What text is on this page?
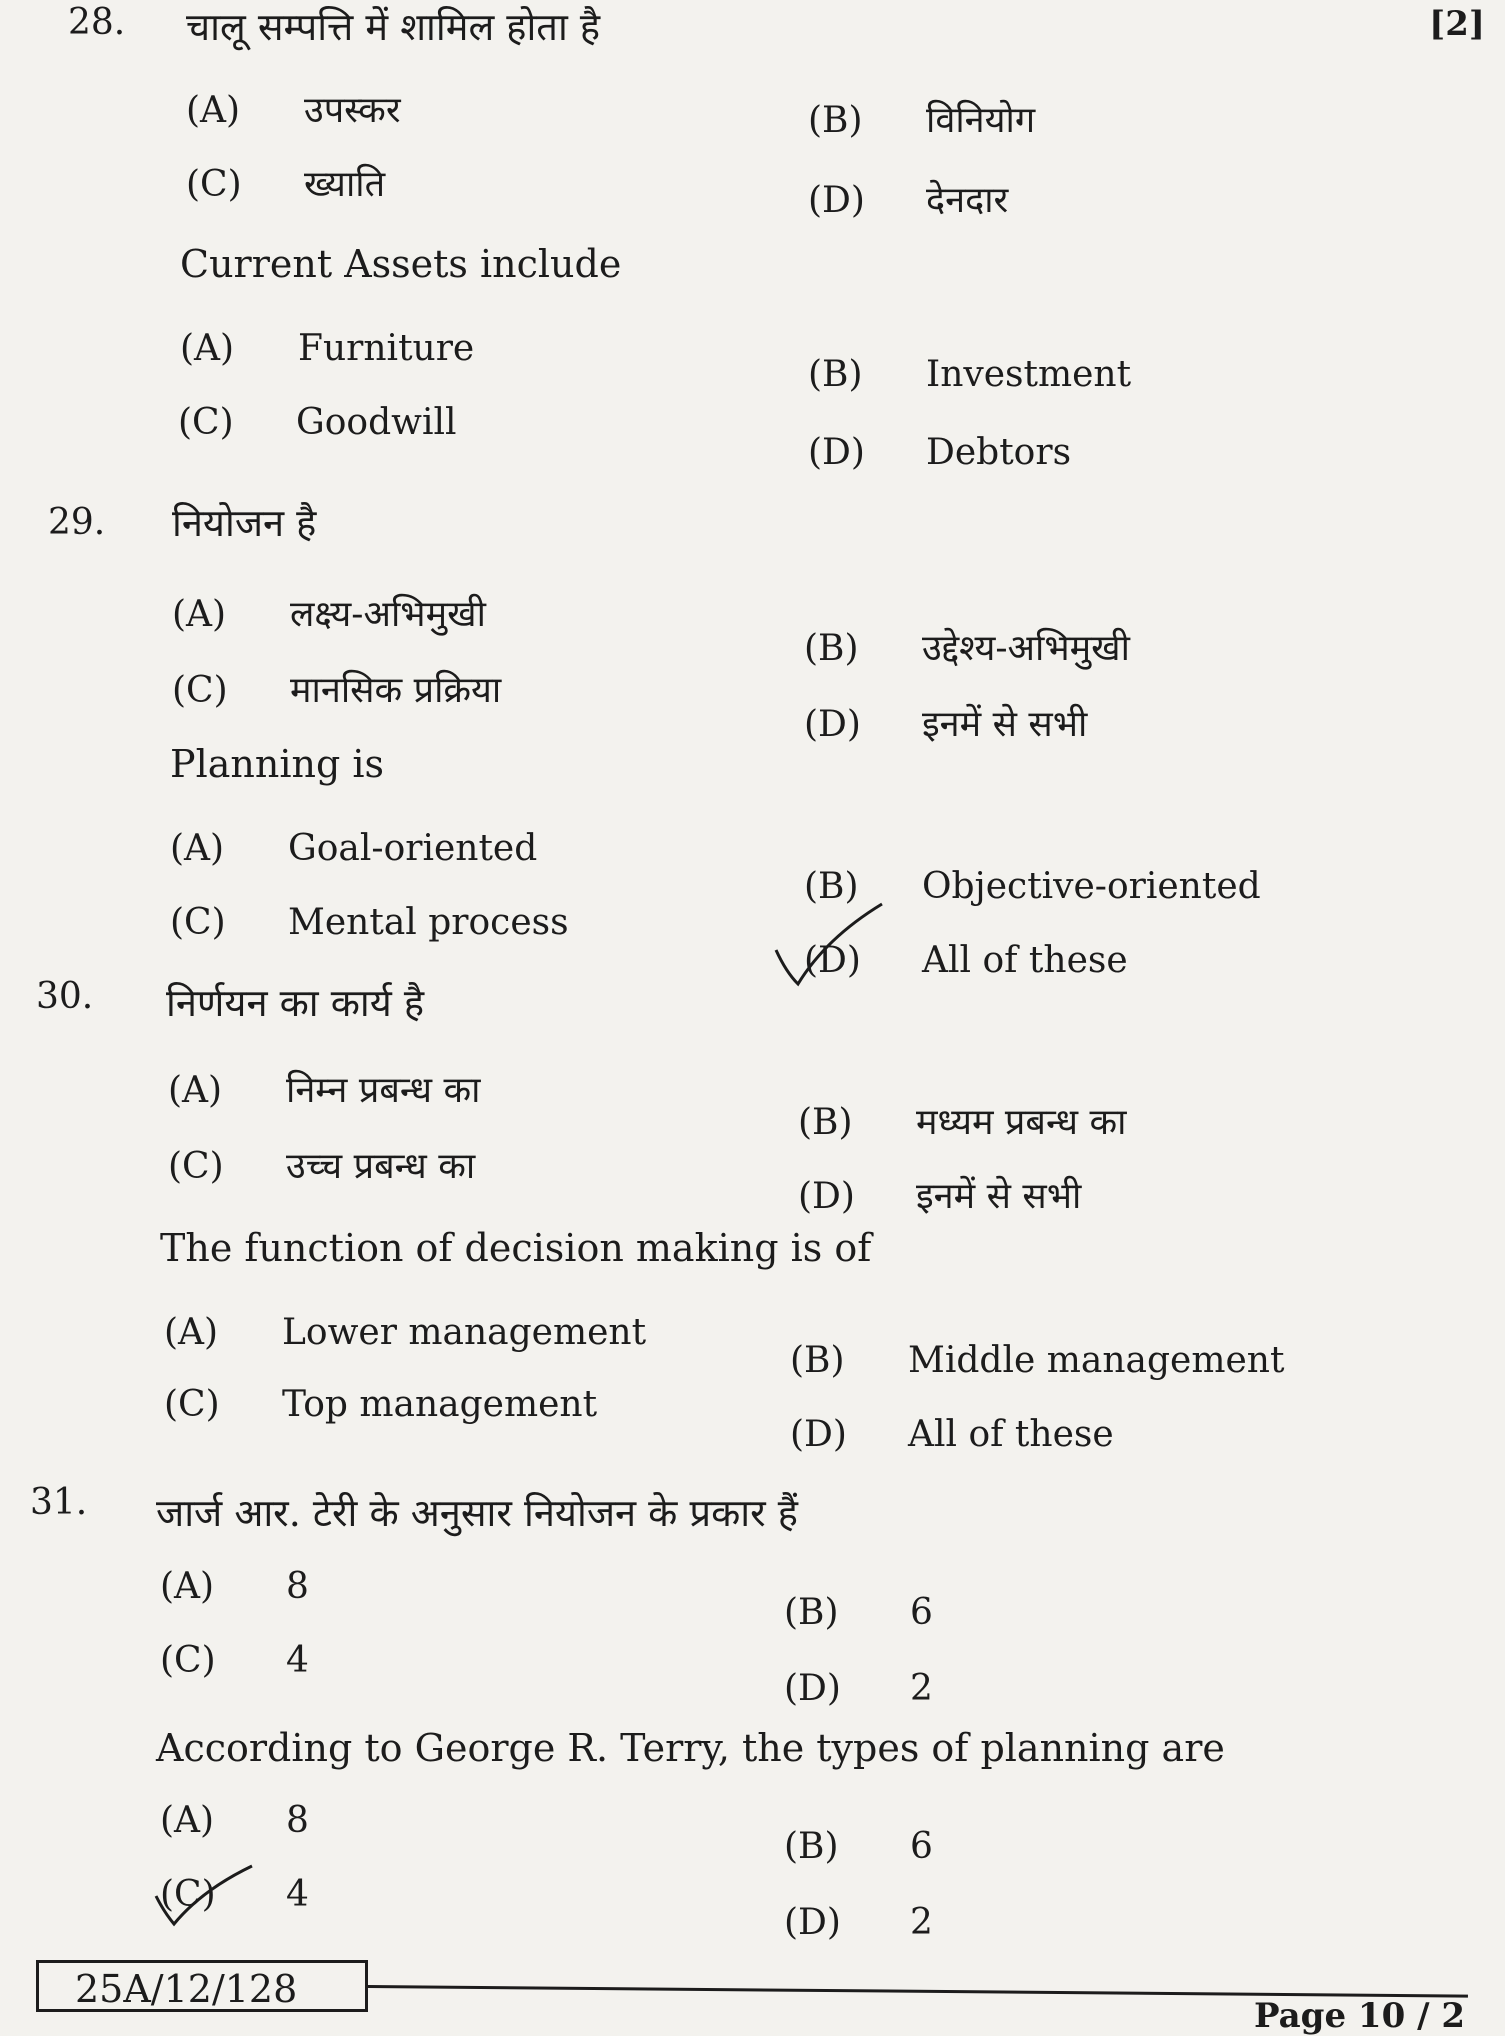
[2]
28. चालू सम्पत्ति में शामिल होता है
(A) उपस्कर	(B) विनियोग
(C) ख्याति	(D) देनदार
Current Assets include
(A) Furniture
(B) Investment
(C) Goodwill
(D) Debtors
29. नियोजन है
(A) लक्ष्य-अभिमुखी
(B) उद्देश्य-अभिमुखी
(C) मानसिक प्रक्रिया
(D) इनमें से सभी
Planning is
(A) Goal-oriented
(B) Objective-oriented
(C) Mental process
(D) All of these
30. निर्णयन का कार्य है
(A) निम्न प्रबन्ध का
(B) मध्यम प्रबन्ध का
(C) उच्च प्रबन्ध का
(D) इनमें से सभी
The function of decision making is of
(A) Lower management
(B) Middle management
(C) Top management
(D) All of these
31. जार्ज आर. टेरी के अनुसार नियोजन के प्रकार हैं
(A) 8
(B) 6
(C) 4
(D) 2
According to George R. Terry, the types of planning are
(A) 8
(B) 6
(C) 4
(D) 2
25A/12/128
Page 10 / 2
